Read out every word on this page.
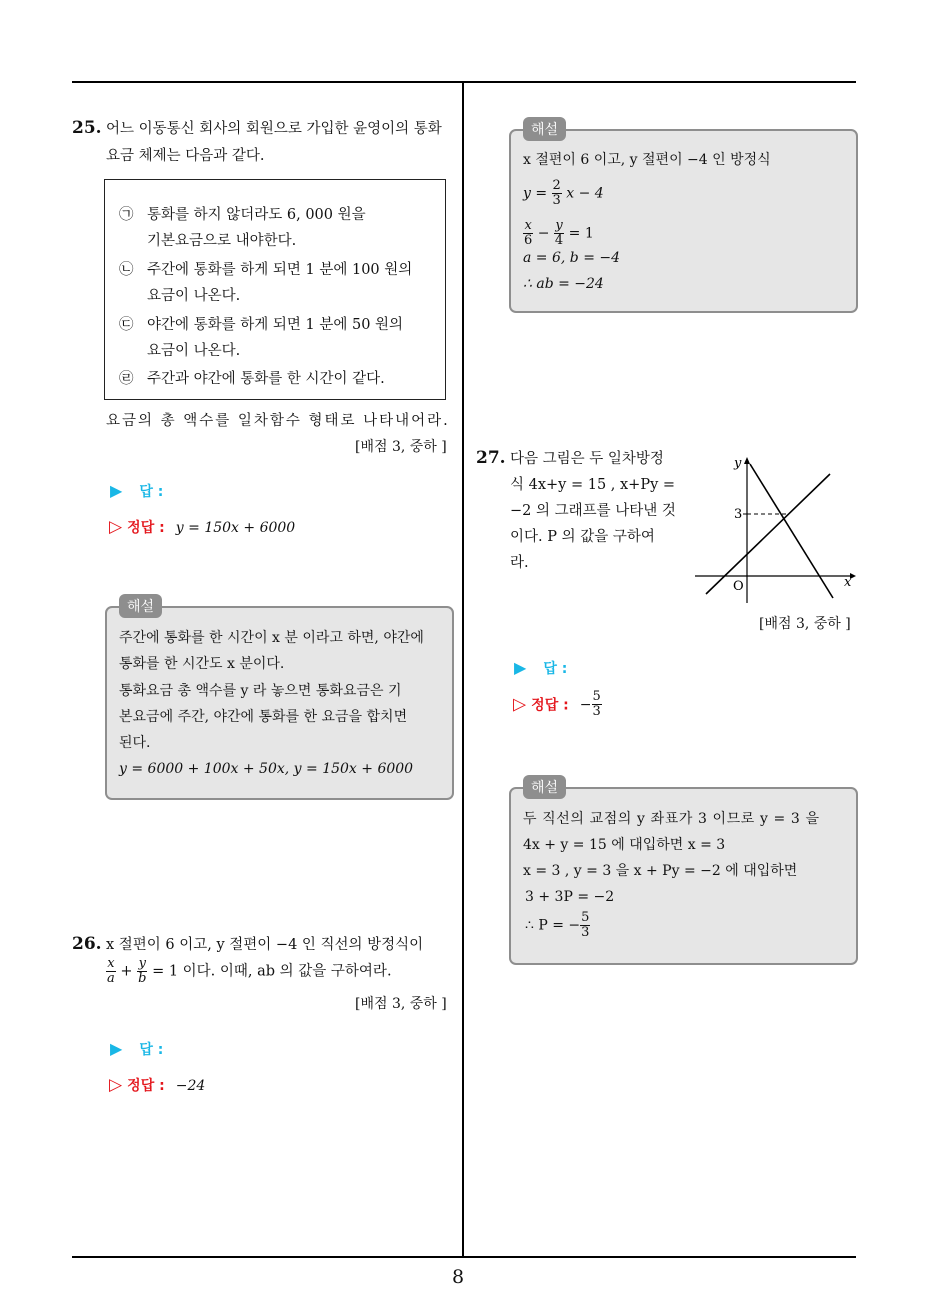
8
25. 어느 이동통신 회사의 회원으로 가입한 윤영이의 통화
요금 체제는 다음과 같다.
㉠ 통화를 하지 않더라도 6, 000 원을
기본요금으로 내야한다.
㉡ 주간에 통화를 하게 되면 1 분에 100 원의
요금이 나온다.
㉢ 야간에 통화를 하게 되면 1 분에 50 원의
요금이 나온다.
㉣ 주간과 야간에 통화를 한 시간이 같다.
요금의 총 액수를 일차함수 형태로 나타내어라.
[배점 3, 중하 ]
▶ 답 :
▷ 정답 : y = 150x + 6000
주간에 통화를 한 시간이 x 분 이라고 하면, 야간에
통화를 한 시간도 x 분이다.
통화요금 총 액수를 y 라 놓으면 통화요금은 기
본요금에 주간, 야간에 통화를 한 요금을 합치면
된다.
y = 6000 + 100x + 50x, y = 150x + 6000
해설
26. x 절편이 6 이고, y 절편이 −4 인 직선의 방정식이
$\frac{x}{a} + \frac{y}{b} = 1$ 이다. 이때, ab 의 값을 구하여라.
[배점 3, 중하 ]
▶ 답 :
▷ 정답 : −24
x 절편이 6 이고, y 절편이 −4 인 방정식
$y = \frac{2}{3}$ x − 4
$\frac{x}{6} - \frac{y}{4} = 1$
a = 6, b = −4
∴ ab = −24
해설
27. 다음 그림은 두 일차방정
식 4x+y = 15 , x+Py =
−2 의 그래프를 나타낸 것
이다. P 의 값을 구하여
라.
y
x
O
3
[배점 3, 중하 ]
▶ 답 :
▷ 정답 : − $\frac{5}{3}$
두 직선의 교점의 y 좌표가 3 이므로 y = 3 을
4x + y = 15 에 대입하면 x = 3
x = 3 , y = 3 을 x + Py = −2 에 대입하면
3 + 3P = −2
∴ P = − $\frac{5}{3}$
해설
